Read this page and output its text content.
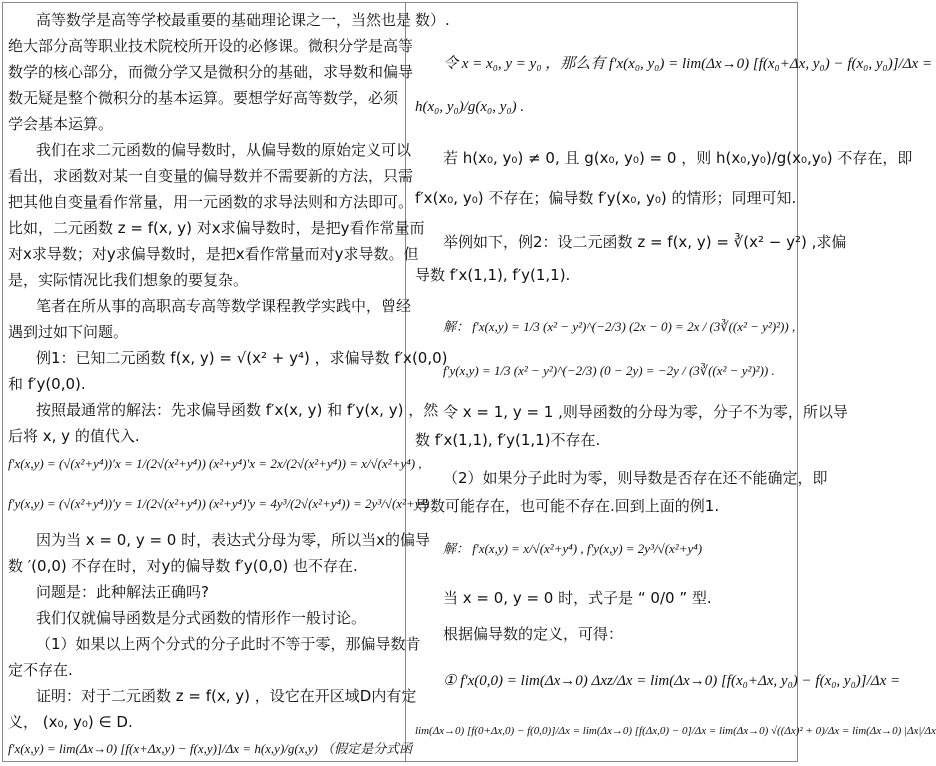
高等数学是高等学校最重要的基础理论课之一，当然也是
绝大部分高等职业技术院校所开设的必修课。微积分学是高等
数学的核心部分，而微分学又是微积分的基础，求导数和偏导
数无疑是整个微积分的基本运算。要想学好高等数学，必须
学会基本运算。
我们在求二元函数的偏导数时，从偏导数的原始定义可以
看出，求函数对某一自变量的偏导数并不需要新的方法，只需
把其他自变量看作常量，用一元函数的求导法则和方法即可。
比如，二元函数 z = f(x, y) 对x求偏导数时，是把y看作常量而
对x求导数；对y求偏导数时，是把x看作常量而对y求导数。但
是，实际情况比我们想象的要复杂。
笔者在所从事的高职高专高等数学课程教学实践中，曾经
遇到过如下问题。
例1：已知二元函数 f(x, y) = √(x² + y⁴) ，求偏导数 f′x(0,0)
和 f′y(0,0).
按照最通常的解法：先求偏导函数 f′x(x, y) 和 f′y(x, y) ，然
后将 x, y 的值代入.
f′x(x,y) = (√(x²+y⁴))′x = 1/(2√(x²+y⁴)) (x²+y⁴)′x = 2x/(2√(x²+y⁴)) = x/√(x²+y⁴) ,
f′y(x,y) = (√(x²+y⁴))′y = 1/(2√(x²+y⁴)) (x²+y⁴)′y = 4y³/(2√(x²+y⁴)) = 2y³/√(x²+y⁴) .
因为当 x = 0, y = 0 时，表达式分母为零，所以当x的偏导
数 ′(0,0) 不存在时，对y的偏导数 f′y(0,0) 也不存在.
问题是：此种解法正确吗?
我们仅就偏导函数是分式函数的情形作一般讨论。
（1）如果以上两个分式的分子此时不等于零，那偏导数肯
定不存在.
证明：对于二元函数 z = f(x, y) ，设它在开区域D内有定
义， (x₀, y₀) ∈ D.
f′x(x,y) = lim(Δx→0) [f(x+Δx,y) − f(x,y)]/Δx = h(x,y)/g(x,y) （假定是分式函
数）.
令 x = x₀, y = y₀ ，那么有 f′x(x₀, y₀) = lim(Δx→0) [f(x₀+Δx, y₀) − f(x₀, y₀)]/Δx =
h(x₀, y₀)/g(x₀, y₀) .
若 h(x₀, y₀) ≠ 0, 且 g(x₀, y₀) = 0 ，则 h(x₀,y₀)/g(x₀,y₀) 不存在，即
f′x(x₀, y₀) 不存在；偏导数 f′y(x₀, y₀) 的情形；同理可知.
举例如下，例2：设二元函数 z = f(x, y) = ∛(x² − y²) ,求偏
导数 f′x(1,1), f′y(1,1).
解： f′x(x,y) = 1/3 (x² − y²)^(−2/3) (2x − 0) = 2x / (3∛((x² − y²)²)) ,
f′y(x,y) = 1/3 (x² − y²)^(−2/3) (0 − 2y) = −2y / (3∛((x² − y²)²)) .
令 x = 1, y = 1 ,则导函数的分母为零，分子不为零，所以导
数 f′x(1,1), f′y(1,1)不存在.
（2）如果分子此时为零，则导数是否存在还不能确定，即
导数可能存在，也可能不存在.回到上面的例1.
解： f′x(x,y) = x/√(x²+y⁴) , f′y(x,y) = 2y³/√(x²+y⁴)
当 x = 0, y = 0 时，式子是 “ 0/0 ” 型.
根据偏导数的定义，可得：
① f′x(0,0) = lim(Δx→0) Δxz/Δx = lim(Δx→0) [f(x₀+Δx, y₀) − f(x₀, y₀)]/Δx =
lim(Δx→0) [f(0+Δx,0) − f(0,0)]/Δx = lim(Δx→0) [f(Δx,0) − 0]/Δx = lim(Δx→0) √((Δx)² + 0)/Δx = lim(Δx→0) |Δx|/Δx
